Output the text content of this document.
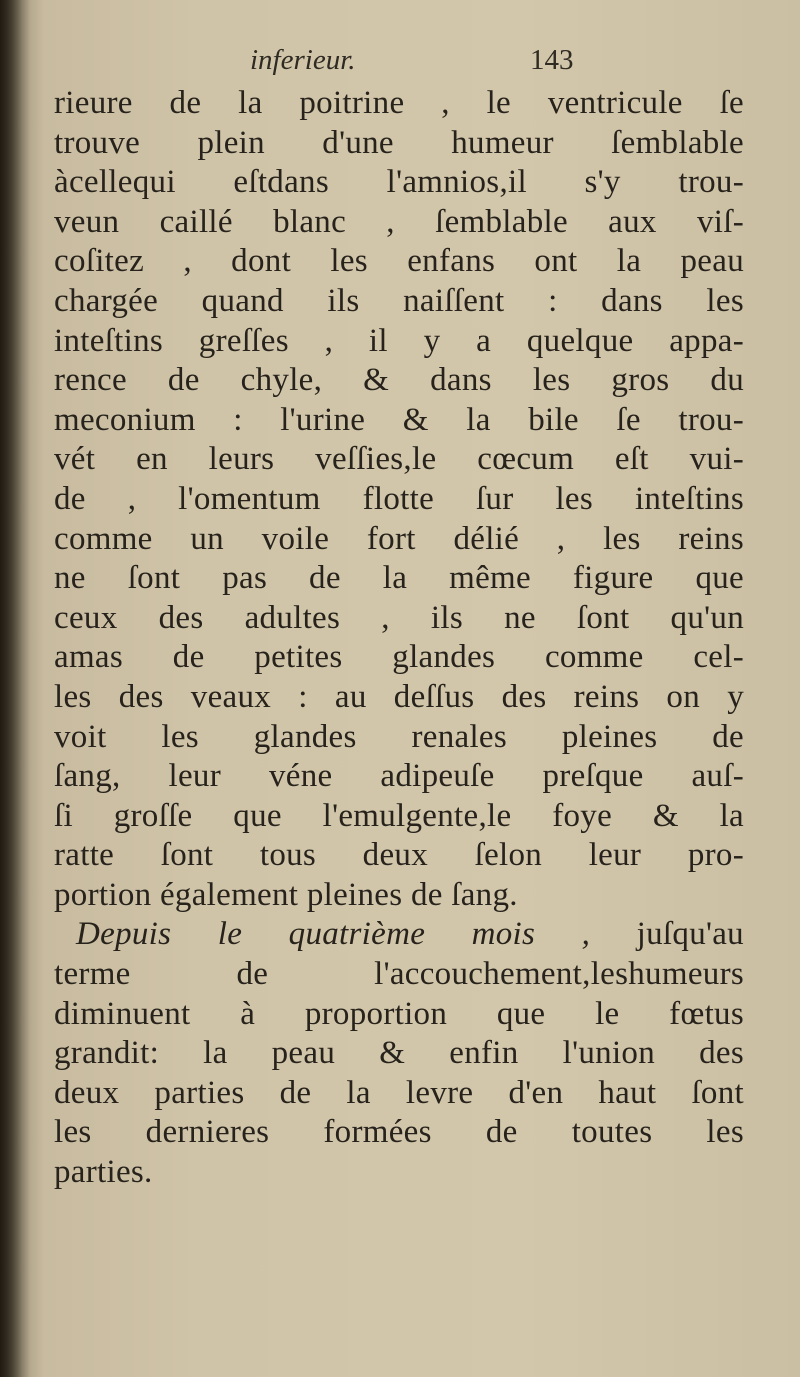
inferieur.	143
rieure de la poitrine , le ventricule ſe
trouve plein d'une humeur ſemblable
àcellequi eſtdans l'amnios,il s'y trou-
veun caillé blanc , ſemblable aux viſ-
coſitez , dont les enfans ont la peau
chargée quand ils naiſſent : dans les
inteſtins greſſes , il y a quelque appa-
rence de chyle, & dans les gros du
meconium : l'urine & la bile ſe trou-
vét en leurs veſſies,le cœcum eſt vui-
de , l'omentum flotte ſur les inteſtins
comme un voile fort délié , les reins
ne ſont pas de la même figure que
ceux des adultes , ils ne ſont qu'un
amas de petites glandes comme cel-
les des veaux : au deſſus des reins on y
voit les glandes renales pleines de
ſang, leur véne adipeuſe preſque auſ-
ſi groſſe que l'emulgente,le foye & la
ratte ſont tous deux ſelon leur pro-
portion également pleines de ſang.
Depuis le quatrième mois , juſqu'au
terme de l'accouchement,leshumeurs
diminuent à proportion que le fœtus
grandit: la peau & enfin l'union des
deux parties de la levre d'en haut ſont
les dernieres formées de toutes les
parties.
